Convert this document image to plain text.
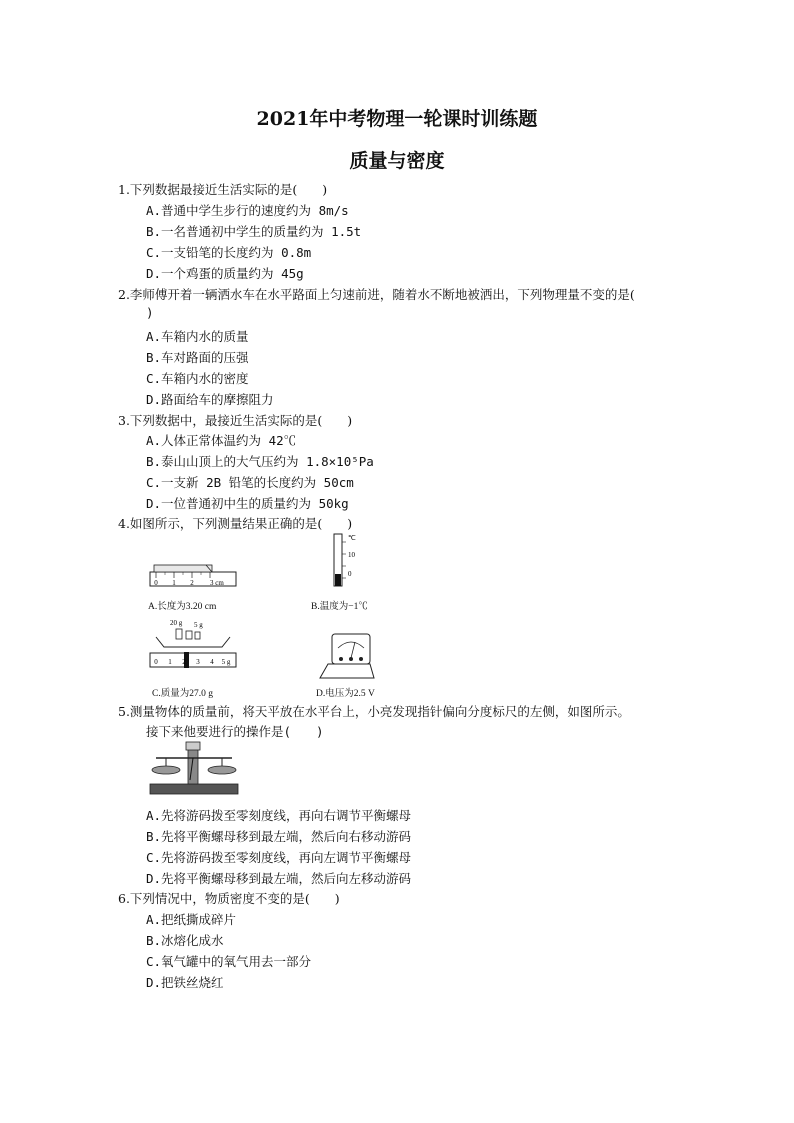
2021年中考物理一轮课时训练题
质量与密度
1.下列数据最接近生活实际的是(　　)
A.普通中学生步行的速度约为 8m/s
B.一名普通初中学生的质量约为 1.5t
C.一支铅笔的长度约为 0.8m
D.一个鸡蛋的质量约为 45g
2.李师傅开着一辆洒水车在水平路面上匀速前进，随着水不断地被洒出，下列物理量不变的是(
)
A.车箱内水的质量
B.车对路面的压强
C.车箱内水的密度
D.路面给车的摩擦阻力
3.下列数据中，最接近生活实际的是(　　)
A.人体正常体温约为 42℃
B.泰山山顶上的大气压约为 1.8×10⁵Pa
C.一支新 2B 铅笔的长度约为 50cm
D.一位普通初中生的质量约为 50kg
4.如图所示，下列测量结果正确的是(　　)
0 1 2 3 cm
A.长度为3.20 cm
℃
10
0
B.温度为−1℃
20 g 5 g
0 1 2 3 4 5 g
C.质量为27.0 g	D.电压为2.5 V
5.测量物体的质量前，将天平放在水平台上，小亮发现指针偏向分度标尺的左侧，如图所示。
接下来他要进行的操作是(　　)
A.先将游码拨至零刻度线，再向右调节平衡螺母
B.先将平衡螺母移到最左端，然后向右移动游码
C.先将游码拨至零刻度线，再向左调节平衡螺母
D.先将平衡螺母移到最左端，然后向左移动游码
6.下列情况中，物质密度不变的是(　　)
A.把纸撕成碎片
B.冰熔化成水
C.氧气罐中的氧气用去一部分
D.把铁丝烧红
